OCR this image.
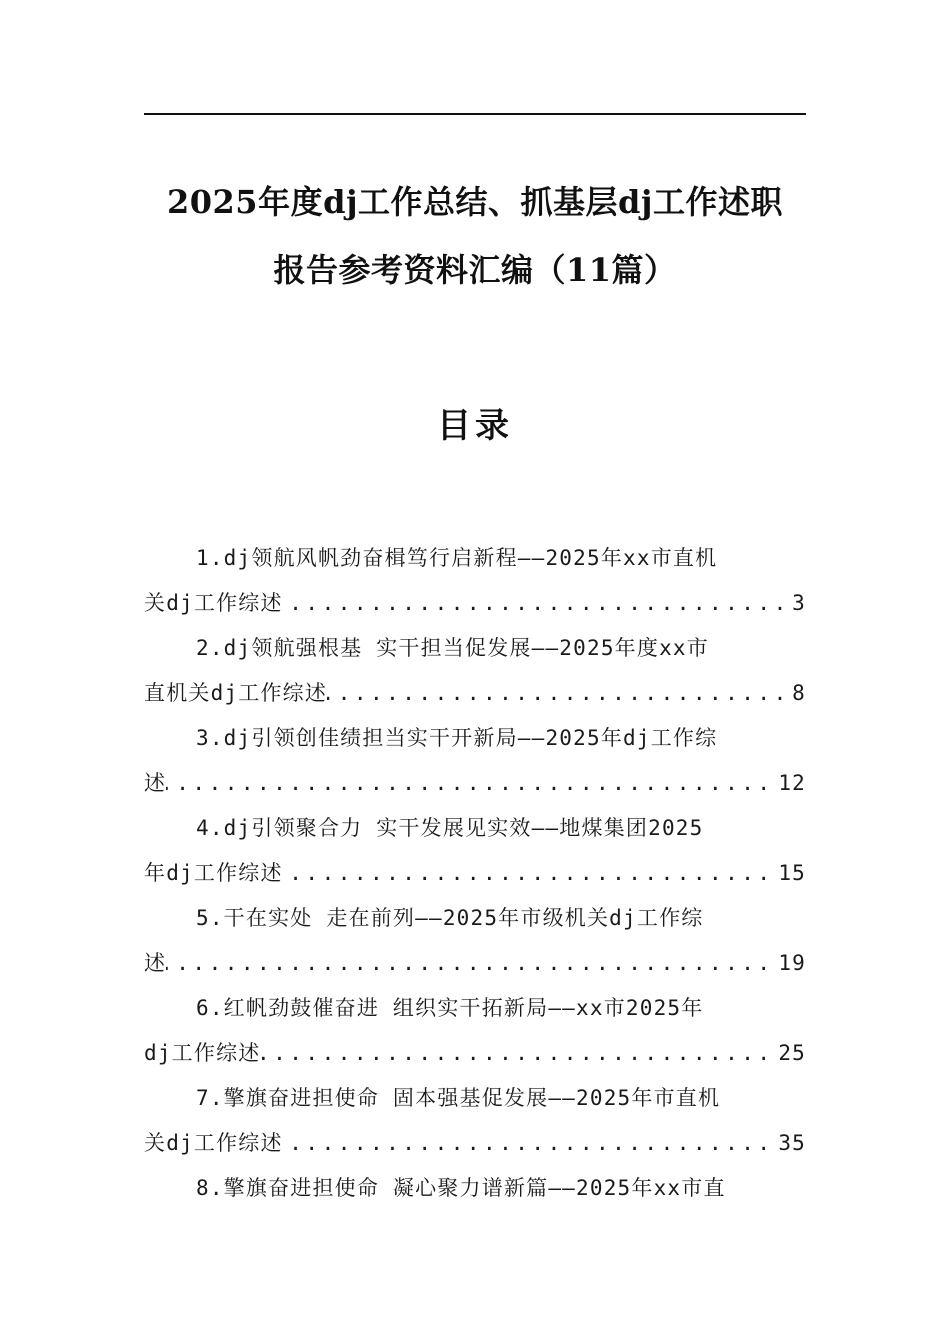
2025年度dj工作总结、抓基层dj工作述职
报告参考资料汇编（11篇）
目录
1.dj领航风帆劲奋楫笃行启新程——2025年xx市直机
3
关dj工作综述 .....
2.dj领航强根基 实干担当促发展——2025年度xx市
8
直机关dj工作综述 .....
3.dj引领创佳绩担当实干开新局——2025年dj工作综
12
述 .....
4.dj引领聚合力 实干发展见实效——地煤集团2025
15
年dj工作综述 .....
5.干在实处 走在前列——2025年市级机关dj工作综
19
述 .....
6.红帆劲鼓催奋进 组织实干拓新局——xx市2025年
25
dj工作综述 .....
7.擎旗奋进担使命 固本强基促发展——2025年市直机
35
关dj工作综述 .....
8.擎旗奋进担使命 凝心聚力谱新篇——2025年xx市直
